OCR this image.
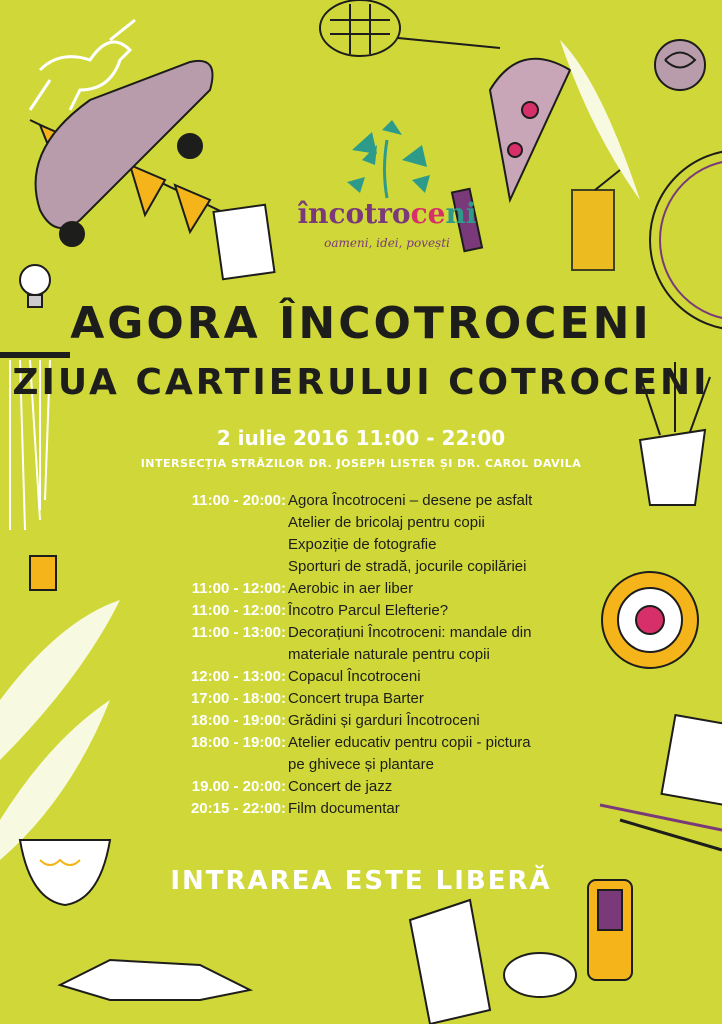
încotroceni
oameni, idei, povești
AGORA ÎNCOTROCENI
ZIUA CARTIERULUI COTROCENI
2 iulie 2016 11:00 - 22:00
INTERSECȚIA STRĂZILOR DR. JOSEPH LISTER ȘI DR. CAROL DAVILA
11:00 - 20:00: Agora Încotroceni – desene pe asfalt
Atelier de bricolaj pentru copii
Expoziție de fotografie
Sporturi de stradă, jocurile copilăriei
11:00 - 12:00: Aerobic in aer liber
11:00 - 12:00: Încotro Parcul Elefterie?
11:00 - 13:00: Decorațiuni Încotroceni: mandale din
materiale naturale pentru copii
12:00 - 13:00: Copacul Încotroceni
17:00 - 18:00: Concert trupa Barter
18:00 - 19:00: Grădini și garduri Încotroceni
18:00 - 19:00: Atelier educativ pentru copii - pictura
pe ghivece și plantare
19.00 - 20:00: Concert de jazz
20:15 - 22:00: Film documentar
INTRAREA ESTE LIBERĂ
